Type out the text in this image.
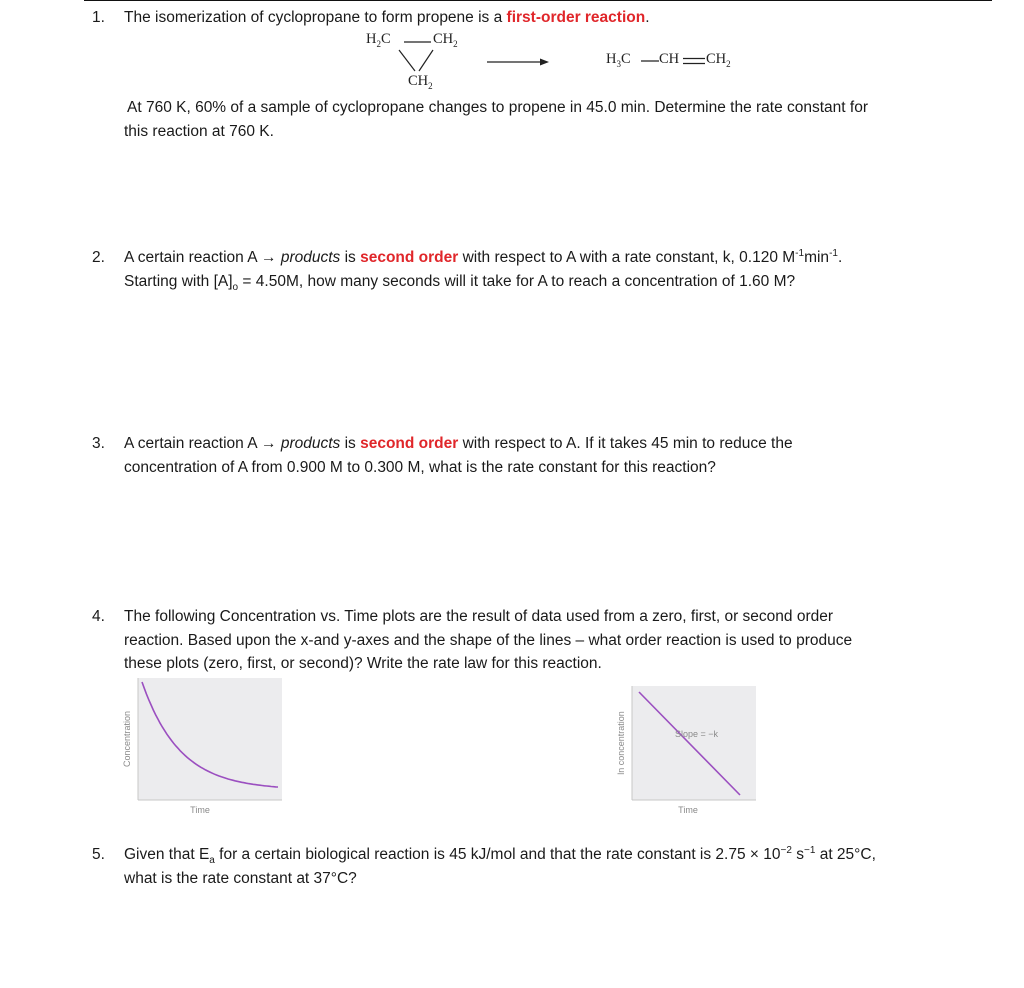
1. The isomerization of cyclopropane to form propene is a first-order reaction.
$H_2C$	$CH_2$
$CH_2$
$H_3C$ CH $CH_2$
At 760 K, 60% of a sample of cyclopropane changes to propene in 45.0 min. Determine the rate constant for
this reaction at 760 K.
2. A certain reaction A → products is second order with respect to A with a rate constant, k, 0.120 $M^{-1}\min^{-1}$.
Starting with $[A]_o = 4.50M$, how many seconds will it take for A to reach a concentration of 1.60 M?
3. A certain reaction A → products is second order with respect to A. If it takes 45 min to reduce the
concentration of A from 0.900 M to 0.300 M, what is the rate constant for this reaction?
4. The following Concentration vs. Time plots are the result of data used from a zero, first, or second order
reaction. Based upon the x-and y-axes and the shape of the lines – what order reaction is used to produce
these plots (zero, first, or second)? Write the rate law for this reaction.
Concentration
Time
Slope = −k
ln concentration
Time
5. Given that $E_a$ for a certain biological reaction is 45 kJ/mol and that the rate constant is $2.75 \times 10^{-2}$ $s^{-1}$ at 25°C,
what is the rate constant at 37°C?
